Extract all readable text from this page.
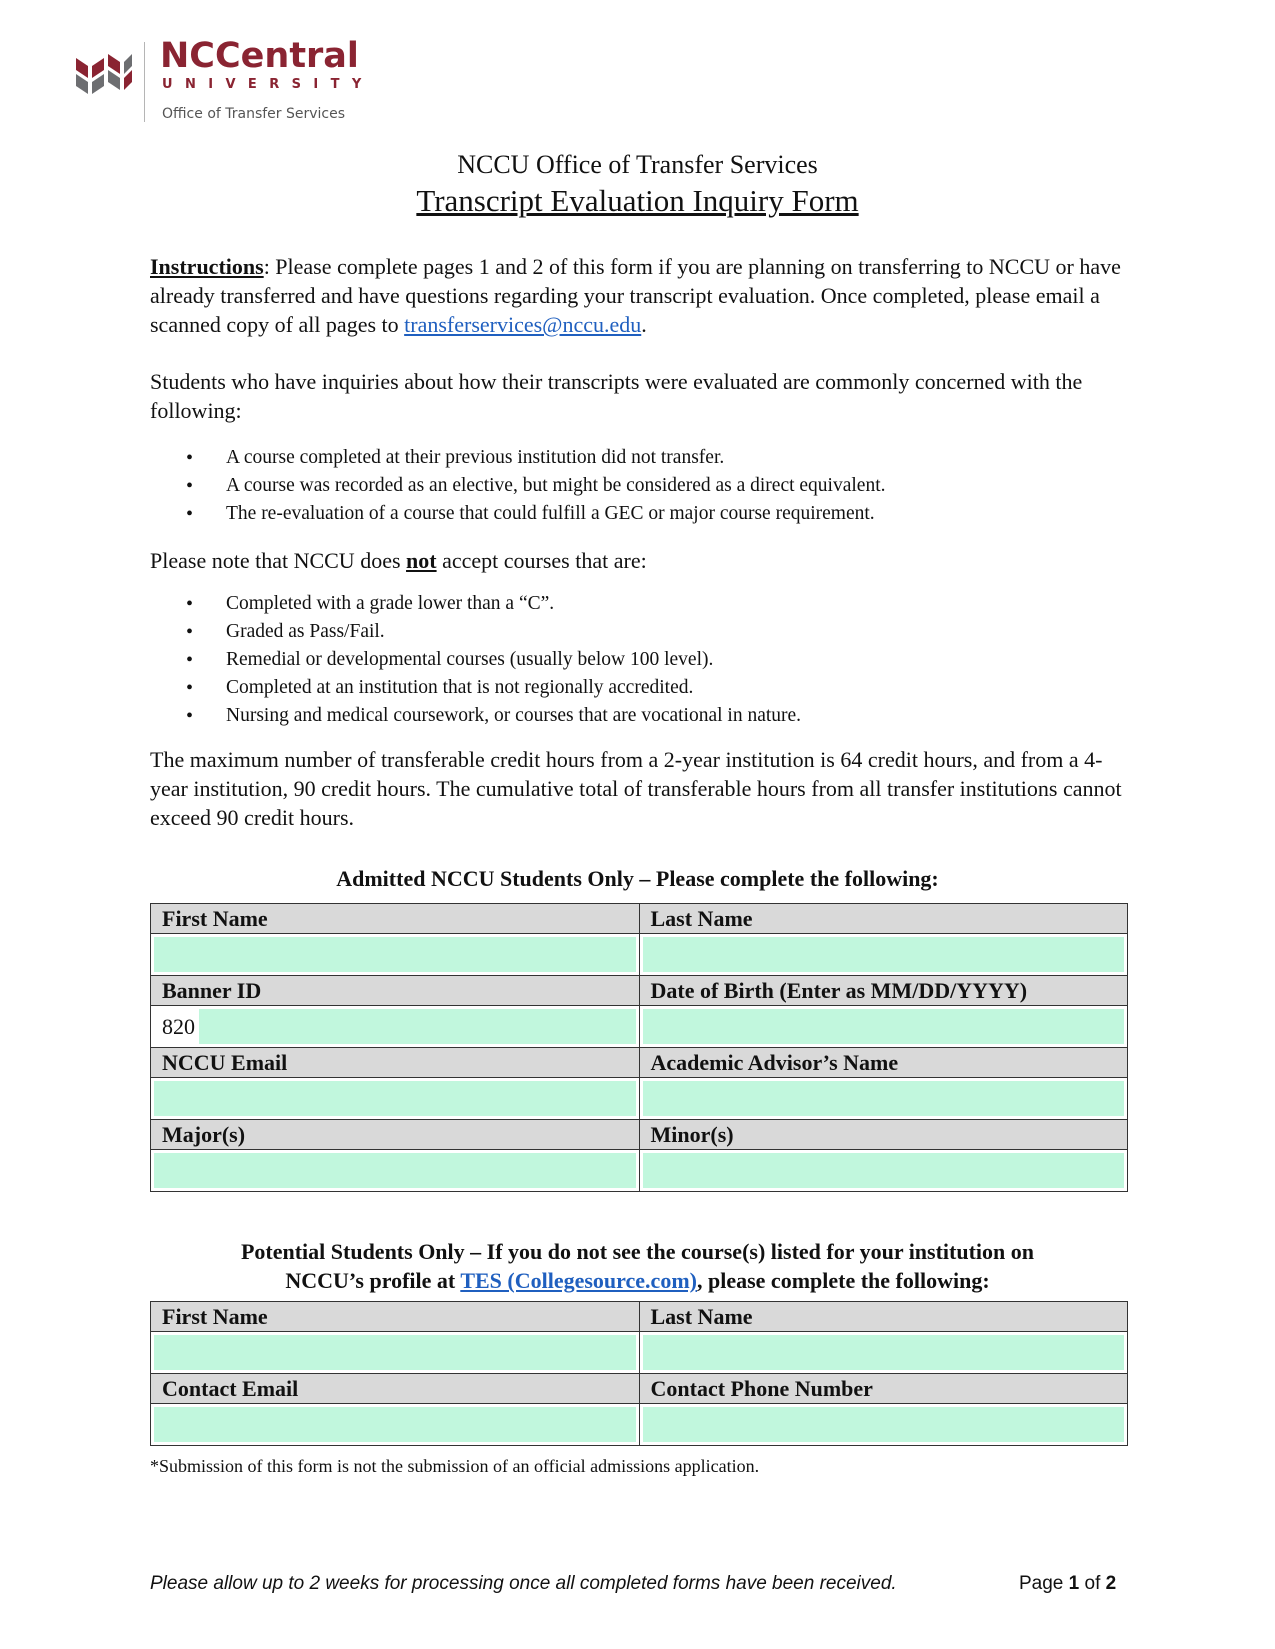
NCCentral
UNIVERSITY
Office of Transfer Services
NCCU Office of Transfer Services
Transcript Evaluation Inquiry Form
Instructions: Please complete pages 1 and 2 of this form if you are planning on transferring to NCCU or have already transferred and have questions regarding your transcript evaluation. Once completed, please email a scanned copy of all pages to transferservices@nccu.edu.
Students who have inquiries about how their transcripts were evaluated are commonly concerned with the following:
• A course completed at their previous institution did not transfer.
• A course was recorded as an elective, but might be considered as a direct equivalent.
• The re-evaluation of a course that could fulfill a GEC or major course requirement.
Please note that NCCU does not accept courses that are:
• Completed with a grade lower than a “C”.
• Graded as Pass/Fail.
• Remedial or developmental courses (usually below 100 level).
• Completed at an institution that is not regionally accredited.
• Nursing and medical coursework, or courses that are vocational in nature.
The maximum number of transferable credit hours from a 2-year institution is 64 credit hours, and from a 4-year institution, 90 credit hours. The cumulative total of transferable hours from all transfer institutions cannot exceed 90 credit hours.
Admitted NCCU Students Only – Please complete the following:
First Name	Last Name

Banner ID	Date of Birth (Enter as MM/DD/YYYY)

820	

NCCU Email	Academic Advisor’s Name

Major(s)	Minor(s)

Potential Students Only – If you do not see the course(s) listed for your institution on
NCCU’s profile at TES (Collegesource.com), please complete the following:
First Name	Last Name

Contact Email	Contact Phone Number

*Submission of this form is not the submission of an official admissions application.
Please allow up to 2 weeks for processing once all completed forms have been received.	Page 1 of 2
